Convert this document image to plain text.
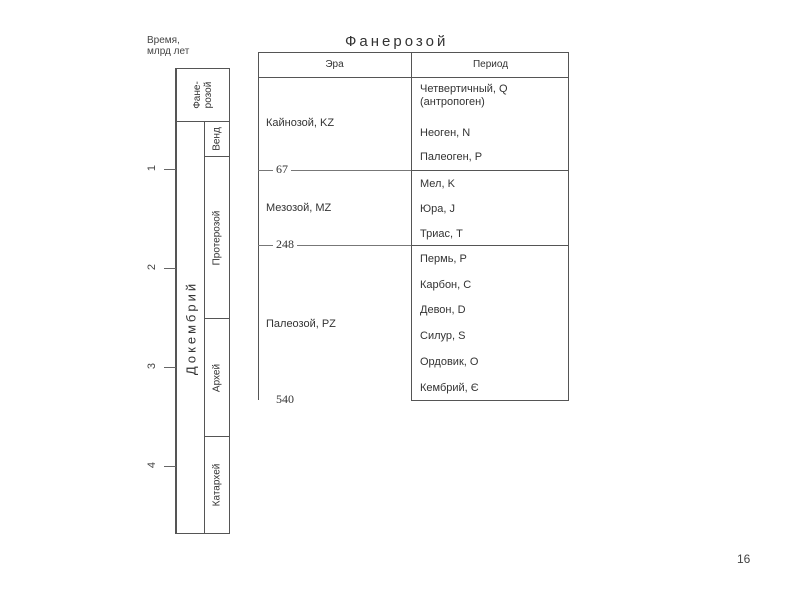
Время,
млрд лет
1
2
3
4
Фане-розой
Докембрий
Венд
Протерозой
Архей
Катархей
Фанерозой
Эра	Период
67
248
540
Кайнозой, KZ
Мезозой, MZ
Палеозой, PZ
Четвертичный, Q (антропоген)
Неоген, N
Палеоген, P
Мел, K
Юра, J
Триас, T
Пермь, P
Карбон, C
Девон, D
Силур, S
Ордовик, O
Кембрий, Є
16
